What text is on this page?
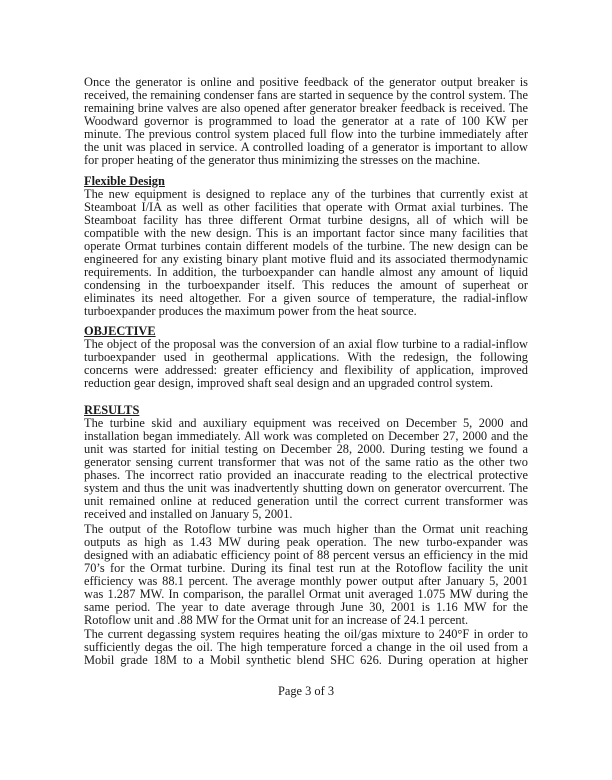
Once the generator is online and positive feedback of the generator output breaker is
received, the remaining condenser fans are started in sequence by the control system. The
remaining brine valves are also opened after generator breaker feedback is received. The
Woodward governor is programmed to load the generator at a rate of 100 KW per
minute. The previous control system placed full flow into the turbine immediately after
the unit was placed in service. A controlled loading of a generator is important to allow
for proper heating of the generator thus minimizing the stresses on the machine.
Flexible Design
The new equipment is designed to replace any of the turbines that currently exist at
Steamboat I/IA as well as other facilities that operate with Ormat axial turbines. The
Steamboat facility has three different Ormat turbine designs, all of which will be
compatible with the new design. This is an important factor since many facilities that
operate Ormat turbines contain different models of the turbine. The new design can be
engineered for any existing binary plant motive fluid and its associated thermodynamic
requirements. In addition, the turboexpander can handle almost any amount of liquid
condensing in the turboexpander itself. This reduces the amount of superheat or
eliminates its need altogether. For a given source of temperature, the radial-inflow
turboexpander produces the maximum power from the heat source.
OBJECTIVE
The object of the proposal was the conversion of an axial flow turbine to a radial-inflow
turboexpander used in geothermal applications. With the redesign, the following
concerns were addressed: greater efficiency and flexibility of application, improved
reduction gear design, improved shaft seal design and an upgraded control system.
RESULTS
The turbine skid and auxiliary equipment was received on December 5, 2000 and
installation began immediately. All work was completed on December 27, 2000 and the
unit was started for initial testing on December 28, 2000. During testing we found a
generator sensing current transformer that was not of the same ratio as the other two
phases. The incorrect ratio provided an inaccurate reading to the electrical protective
system and thus the unit was inadvertently shutting down on generator overcurrent. The
unit remained online at reduced generation until the correct current transformer was
received and installed on January 5, 2001.
The output of the Rotoflow turbine was much higher than the Ormat unit reaching
outputs as high as 1.43 MW during peak operation. The new turbo-expander was
designed with an adiabatic efficiency point of 88 percent versus an efficiency in the mid
70’s for the Ormat turbine. During its final test run at the Rotoflow facility the unit
efficiency was 88.1 percent. The average monthly power output after January 5, 2001
was 1.287 MW. In comparison, the parallel Ormat unit averaged 1.075 MW during the
same period. The year to date average through June 30, 2001 is 1.16 MW for the
Rotoflow unit and .88 MW for the Ormat unit for an increase of 24.1 percent.
The current degassing system requires heating the oil/gas mixture to 240°F in order to
sufficiently degas the oil. The high temperature forced a change in the oil used from a
Mobil grade 18M to a Mobil synthetic blend SHC 626. During operation at higher
Page 3 of 3
